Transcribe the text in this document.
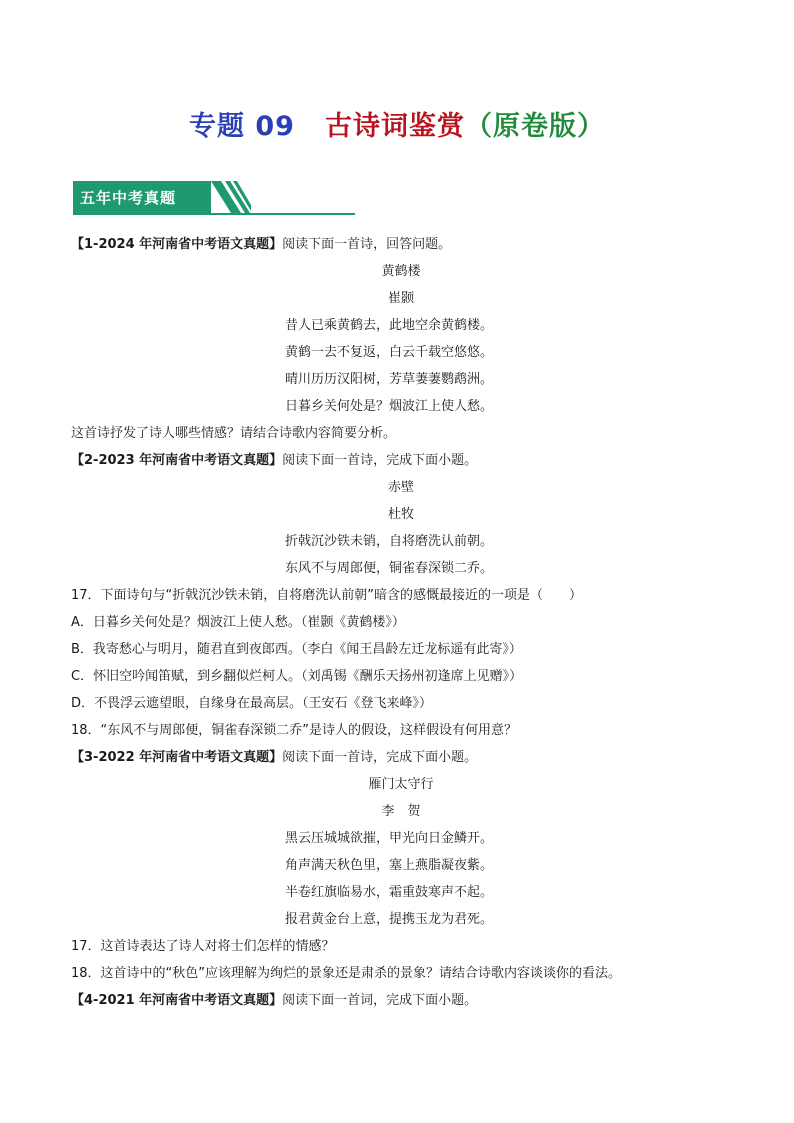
专题 09 古诗词鉴赏（原卷版）
五年中考真题
【1-2024 年河南省中考语文真题】阅读下面一首诗，回答问题。
黄鹤楼
崔颢
昔人已乘黄鹤去，此地空余黄鹤楼。
黄鹤一去不复返，白云千载空悠悠。
晴川历历汉阳树，芳草萋萋鹦鹉洲。
日暮乡关何处是？烟波江上使人愁。
这首诗抒发了诗人哪些情感？请结合诗歌内容简要分析。
【2-2023 年河南省中考语文真题】阅读下面一首诗，完成下面小题。
赤壁
杜牧
折戟沉沙铁未销，自将磨洗认前朝。
东风不与周郎便，铜雀春深锁二乔。
17．下面诗句与“折戟沉沙铁未销，自将磨洗认前朝”暗含的感慨最接近的一项是（　　）
A．日暮乡关何处是？烟波江上使人愁。（崔颢《黄鹤楼》）
B．我寄愁心与明月，随君直到夜郎西。（李白《闻王昌龄左迁龙标遥有此寄》）
C．怀旧空吟闻笛赋，到乡翻似烂柯人。（刘禹锡《酬乐天扬州初逢席上见赠》）
D．不畏浮云遮望眼，自缘身在最高层。（王安石《登飞来峰》）
18．“东风不与周郎便，铜雀春深锁二乔”是诗人的假设，这样假设有何用意？
【3-2022 年河南省中考语文真题】阅读下面一首诗，完成下面小题。
雁门太守行
李　贺
黑云压城城欲摧，甲光向日金鳞开。
角声满天秋色里，塞上燕脂凝夜紫。
半卷红旗临易水，霜重鼓寒声不起。
报君黄金台上意，提携玉龙为君死。
17．这首诗表达了诗人对将士们怎样的情感？
18．这首诗中的“秋色”应该理解为绚烂的景象还是肃杀的景象？请结合诗歌内容谈谈你的看法。
【4-2021 年河南省中考语文真题】阅读下面一首词，完成下面小题。
